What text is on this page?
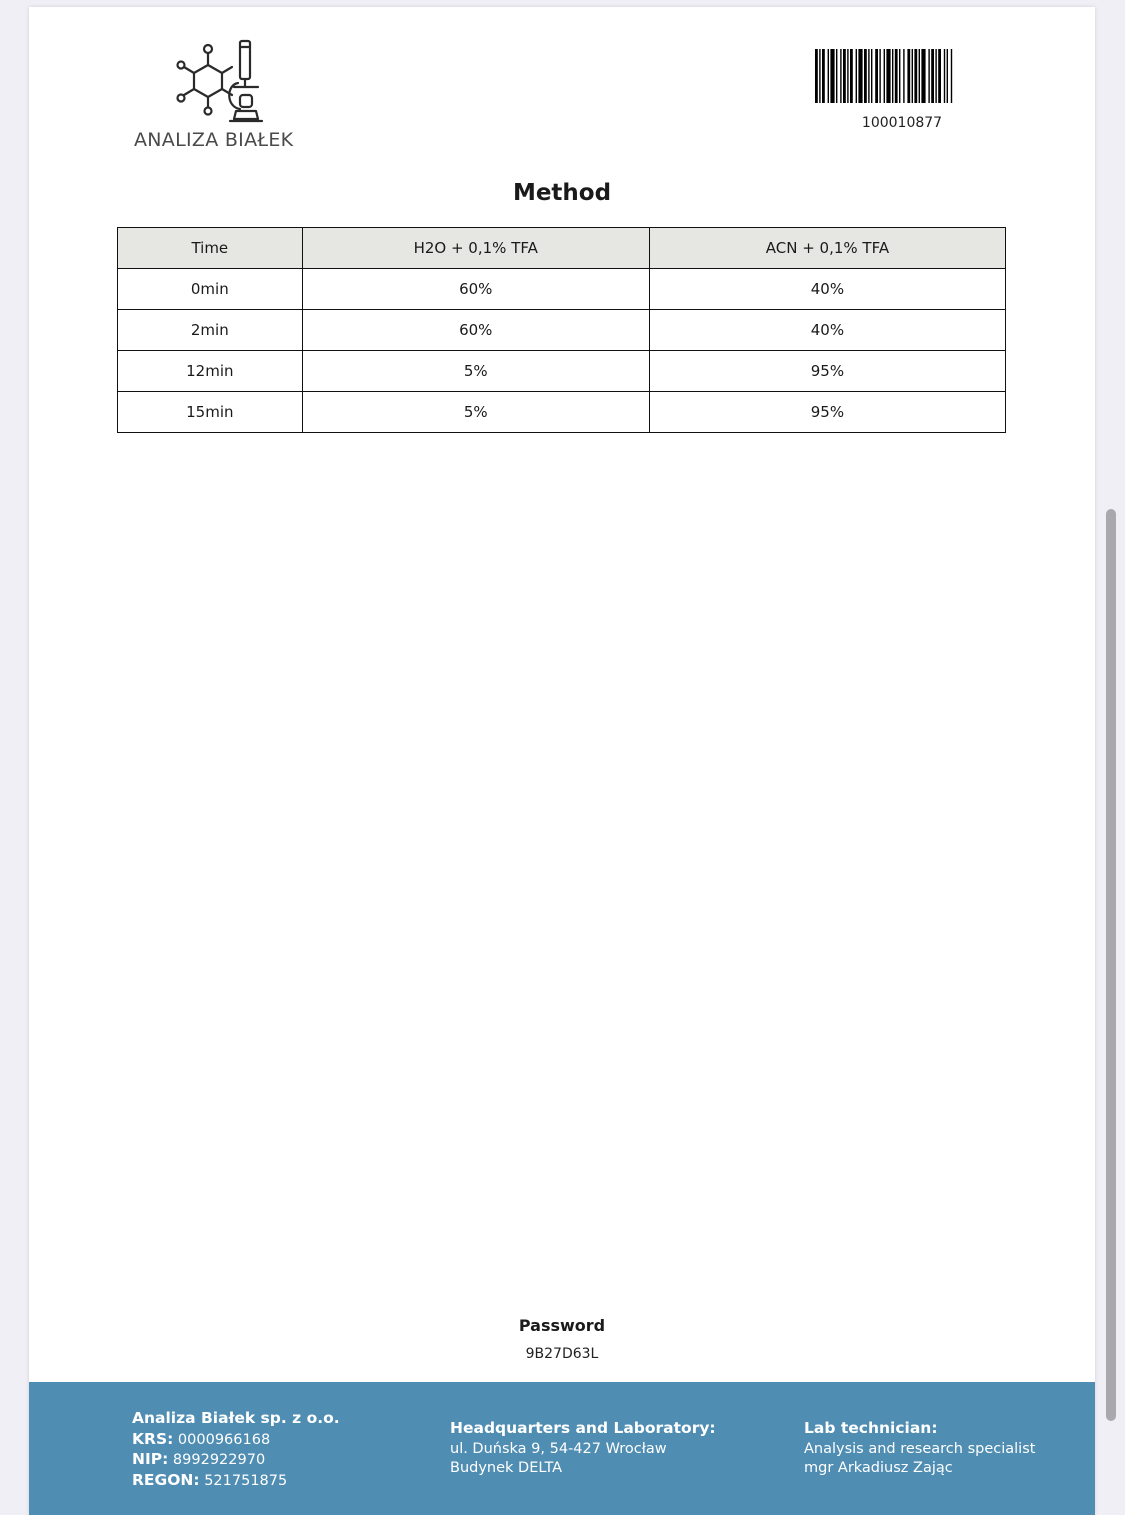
ANALIZA BIAŁEK
100010877
Method
Time	H2O + 0,1% TFA	ACN + 0,1% TFA
0min	60%	40%
2min	60%	40%
12min	5%	95%
15min	5%	95%
Password
9B27D63L
Analiza Białek sp. z o.o.
KRS: 0000966168
NIP: 8992922970
REGON: 521751875
Headquarters and Laboratory:
ul. Duńska 9, 54-427 Wrocław
Budynek DELTA
Lab technician:
Analysis and research specialist
mgr Arkadiusz Zając
